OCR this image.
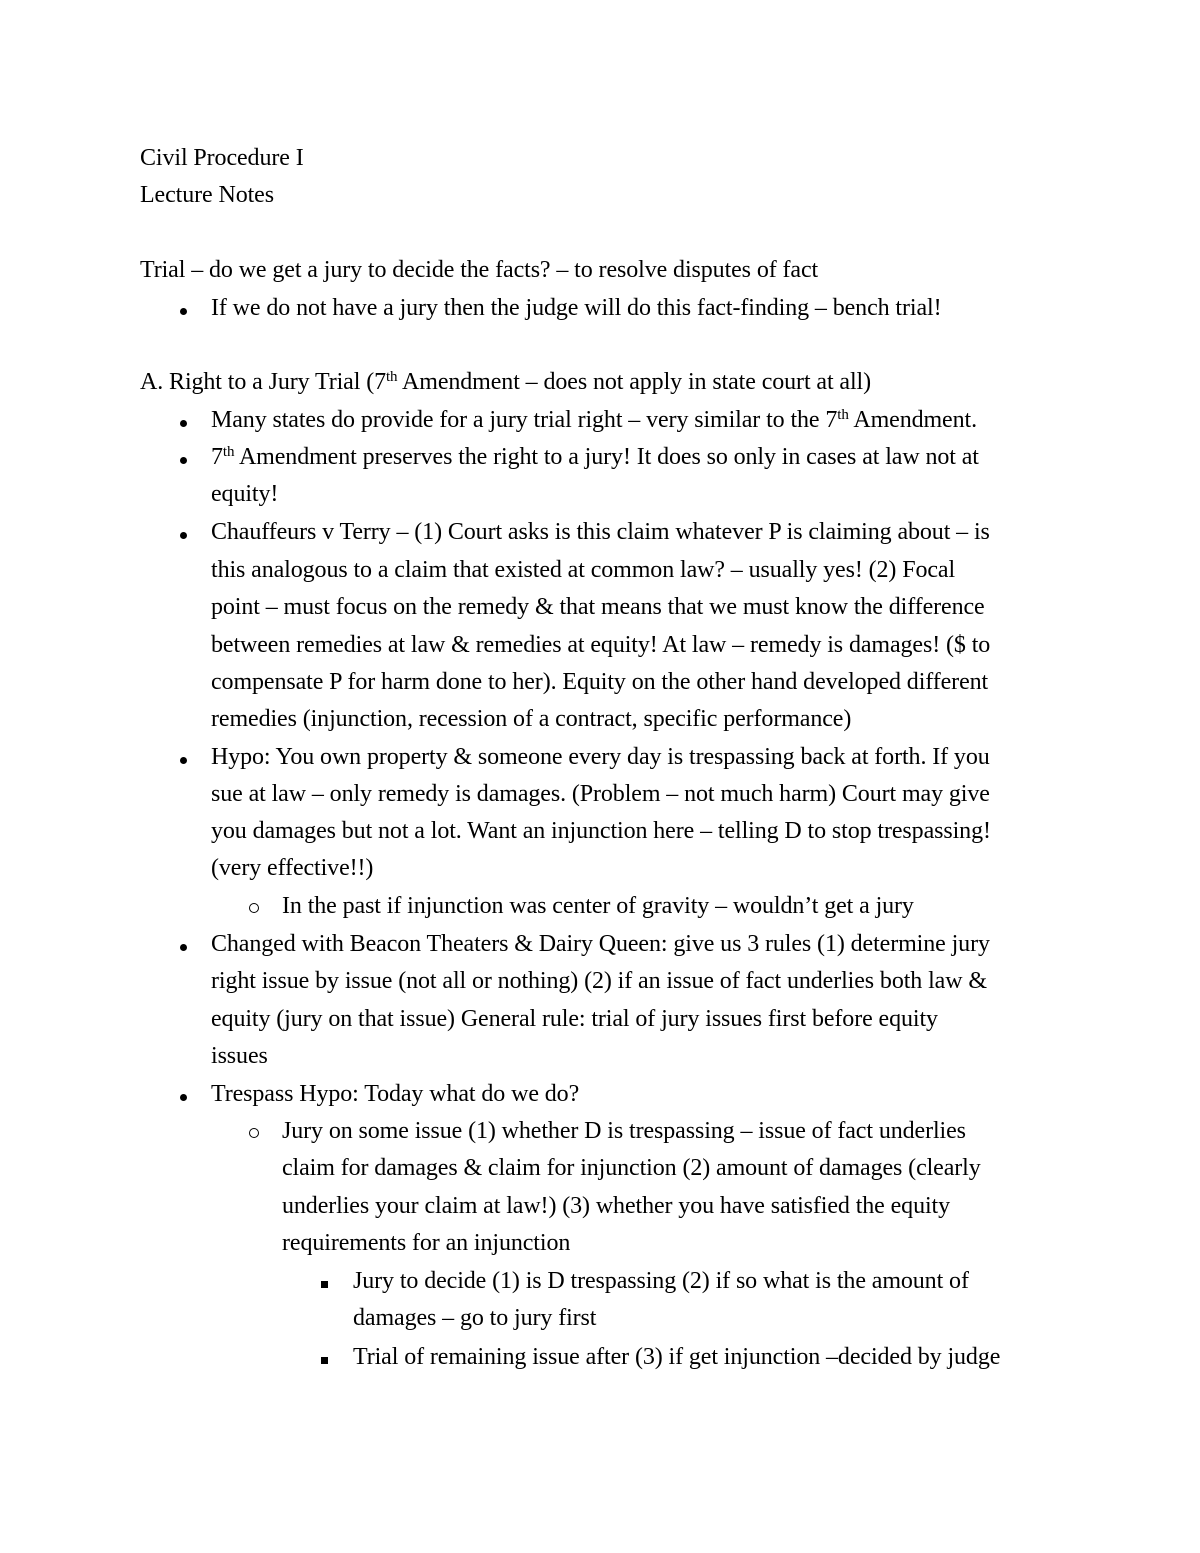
Civil Procedure I
Lecture Notes
Trial – do we get a jury to decide the facts? – to resolve disputes of fact
If we do not have a jury then the judge will do this fact-finding – bench trial!
A. Right to a Jury Trial (7th Amendment – does not apply in state court at all)
Many states do provide for a jury trial right – very similar to the 7th Amendment.
7th Amendment preserves the right to a jury! It does so only in cases at law not at
equity!
Chauffeurs v Terry – (1) Court asks is this claim whatever P is claiming about – is
this analogous to a claim that existed at common law? – usually yes! (2) Focal
point – must focus on the remedy & that means that we must know the difference
between remedies at law & remedies at equity! At law – remedy is damages! ($ to
compensate P for harm done to her). Equity on the other hand developed different
remedies (injunction, recession of a contract, specific performance)
Hypo: You own property & someone every day is trespassing back at forth. If you
sue at law – only remedy is damages. (Problem – not much harm) Court may give
you damages but not a lot. Want an injunction here – telling D to stop trespassing!
(very effective!!)
In the past if injunction was center of gravity – wouldn’t get a jury
Changed with Beacon Theaters & Dairy Queen: give us 3 rules (1) determine jury
right issue by issue (not all or nothing) (2) if an issue of fact underlies both law &
equity (jury on that issue) General rule: trial of jury issues first before equity
issues
Trespass Hypo: Today what do we do?
Jury on some issue (1) whether D is trespassing – issue of fact underlies
claim for damages & claim for injunction (2) amount of damages (clearly
underlies your claim at law!) (3) whether you have satisfied the equity
requirements for an injunction
Jury to decide (1) is D trespassing (2) if so what is the amount of
damages – go to jury first
Trial of remaining issue after (3) if get injunction –decided by judge
